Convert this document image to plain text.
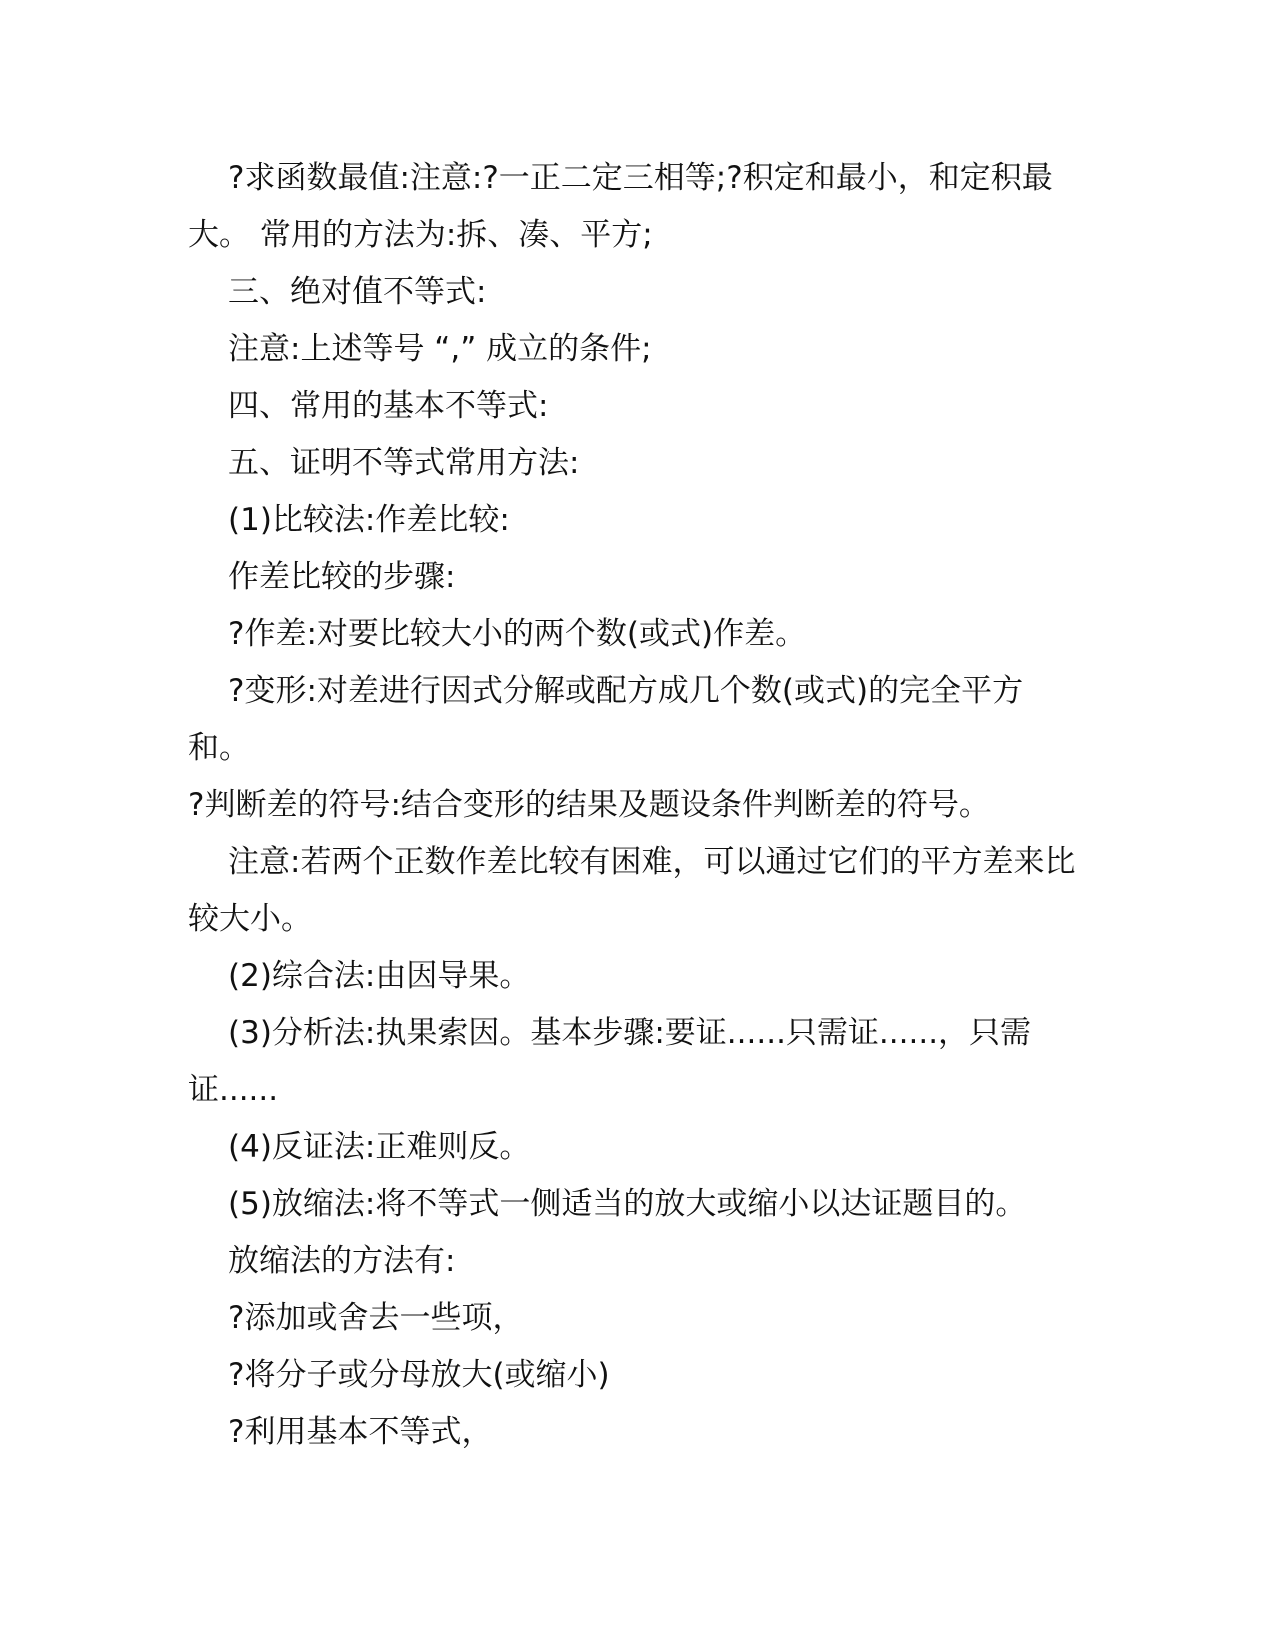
?求函数最值:注意:?一正二定三相等;?积定和最小，和定积最大。 常用的方法为:拆、凑、平方;

三、绝对值不等式:

注意:上述等号 “,” 成立的条件;

四、常用的基本不等式:

五、证明不等式常用方法:

(1)比较法:作差比较:

作差比较的步骤:

?作差:对要比较大小的两个数(或式)作差。

?变形:对差进行因式分解或配方成几个数(或式)的完全平方和。

?判断差的符号:结合变形的结果及题设条件判断差的符号。

注意:若两个正数作差比较有困难，可以通过它们的平方差来比较大小。

(2)综合法:由因导果。

(3)分析法:执果索因。基本步骤:要证......只需证......，只需证......

(4)反证法:正难则反。

(5)放缩法:将不等式一侧适当的放大或缩小以达证题目的。

放缩法的方法有:

?添加或舍去一些项，

?将分子或分母放大(或缩小)

?利用基本不等式，
